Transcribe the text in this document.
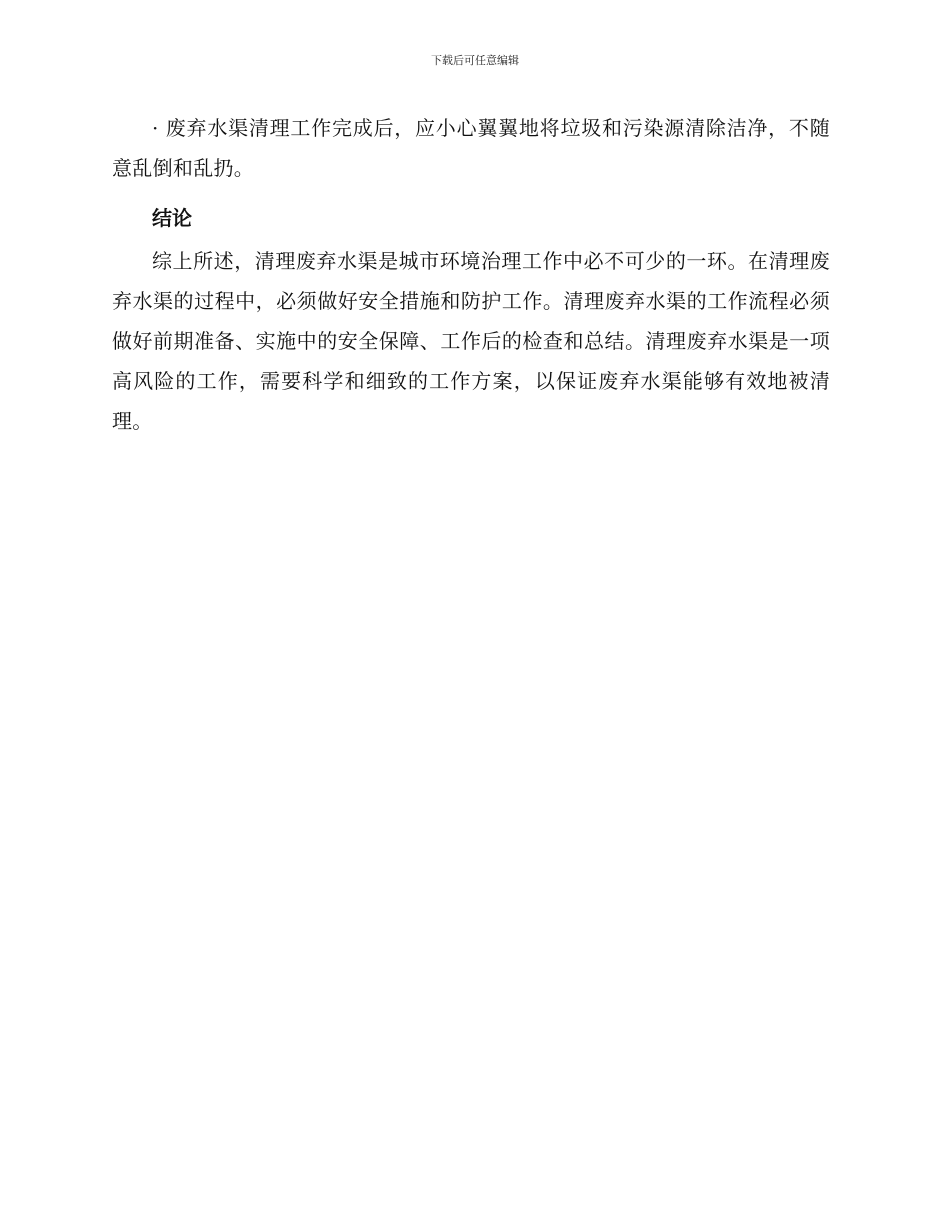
下载后可任意编辑

· 废弃水渠清理工作完成后，应小心翼翼地将垃圾和污染源清除洁净，不随意乱倒和乱扔。

结论

综上所述，清理废弃水渠是城市环境治理工作中必不可少的一环。在清理废弃水渠的过程中，必须做好安全措施和防护工作。清理废弃水渠的工作流程必须做好前期准备、实施中的安全保障、工作后的检查和总结。清理废弃水渠是一项高风险的工作，需要科学和细致的工作方案，以保证废弃水渠能够有效地被清理。
